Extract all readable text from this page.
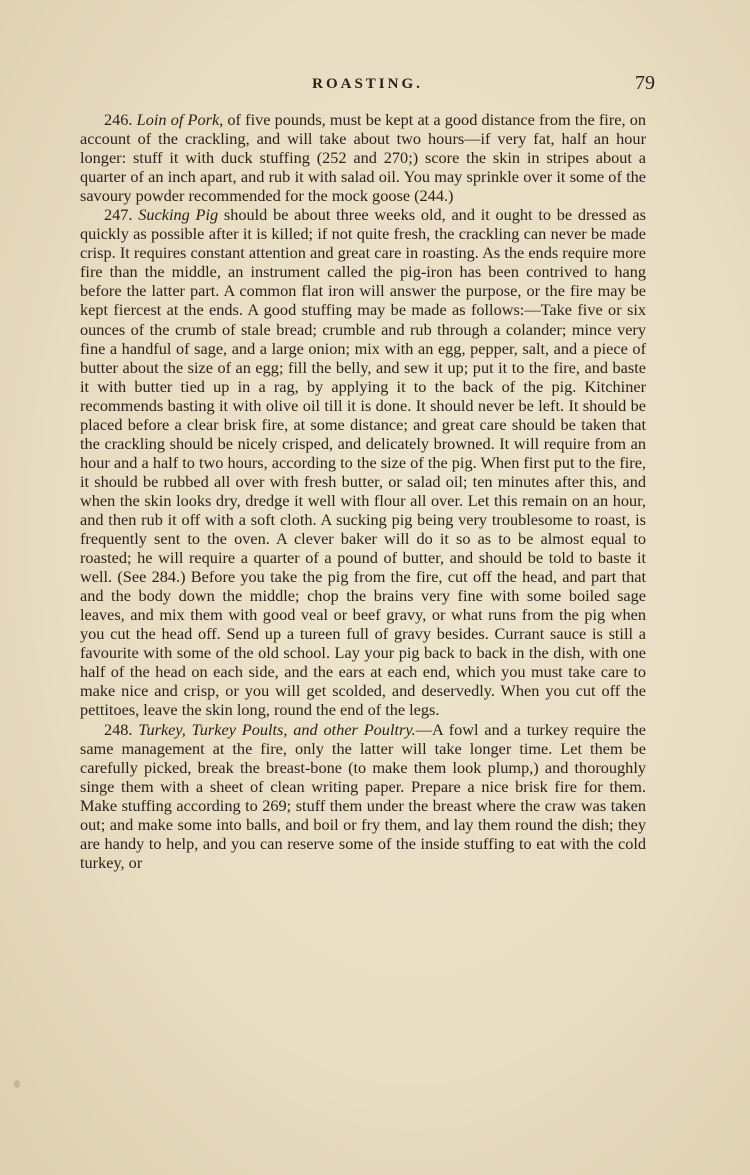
ROASTING.	79

246. Loin of Pork, of five pounds, must be kept at a good distance from the fire, on account of the crackling, and will take about two hours—if very fat, half an hour longer: stuff it with duck stuffing (252 and 270;) score the skin in stripes about a quarter of an inch apart, and rub it with salad oil. You may sprinkle over it some of the savoury powder recommended for the mock goose (244.)

247. Sucking Pig should be about three weeks old, and it ought to be dressed as quickly as possible after it is killed; if not quite fresh, the crackling can never be made crisp. It requires constant attention and great care in roasting. As the ends require more fire than the middle, an instrument called the pig-iron has been contrived to hang before the latter part. A common flat iron will answer the purpose, or the fire may be kept fiercest at the ends. A good stuffing may be made as follows:—Take five or six ounces of the crumb of stale bread; crumble and rub through a colander; mince very fine a handful of sage, and a large onion; mix with an egg, pepper, salt, and a piece of butter about the size of an egg; fill the belly, and sew it up; put it to the fire, and baste it with butter tied up in a rag, by applying it to the back of the pig. Kitchiner recommends basting it with olive oil till it is done. It should never be left. It should be placed before a clear brisk fire, at some distance; and great care should be taken that the crackling should be nicely crisped, and delicately browned. It will require from an hour and a half to two hours, according to the size of the pig. When first put to the fire, it should be rubbed all over with fresh butter, or salad oil; ten minutes after this, and when the skin looks dry, dredge it well with flour all over. Let this remain on an hour, and then rub it off with a soft cloth. A sucking pig being very troublesome to roast, is frequently sent to the oven. A clever baker will do it so as to be almost equal to roasted; he will require a quarter of a pound of butter, and should be told to baste it well. (See 284.) Before you take the pig from the fire, cut off the head, and part that and the body down the middle; chop the brains very fine with some boiled sage leaves, and mix them with good veal or beef gravy, or what runs from the pig when you cut the head off. Send up a tureen full of gravy besides. Currant sauce is still a favourite with some of the old school. Lay your pig back to back in the dish, with one half of the head on each side, and the ears at each end, which you must take care to make nice and crisp, or you will get scolded, and deservedly. When you cut off the pettitoes, leave the skin long, round the end of the legs.

248. Turkey, Turkey Poults, and other Poultry.—A fowl and a turkey require the same management at the fire, only the latter will take longer time. Let them be carefully picked, break the breast-bone (to make them look plump,) and thoroughly singe them with a sheet of clean writing paper. Prepare a nice brisk fire for them. Make stuffing according to 269; stuff them under the breast where the craw was taken out; and make some into balls, and boil or fry them, and lay them round the dish; they are handy to help, and you can reserve some of the inside stuffing to eat with the cold turkey, or
